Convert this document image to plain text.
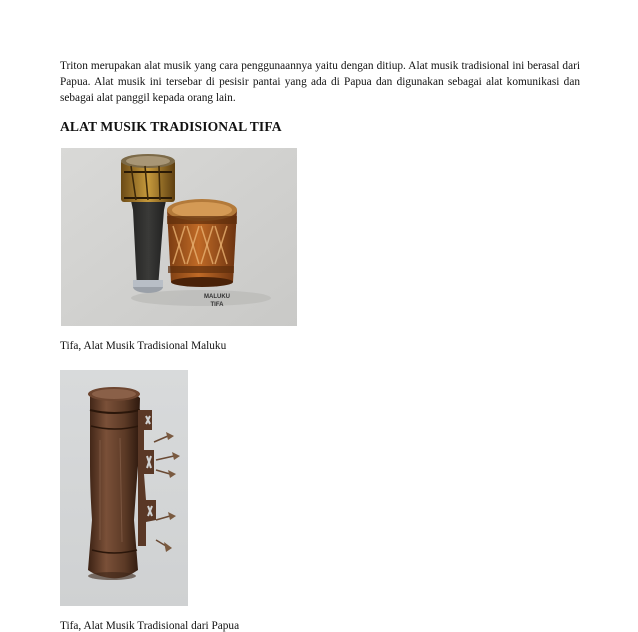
Triton merupakan alat musik yang cara penggunaannya yaitu dengan ditiup. Alat musik tradisional ini berasal dari Papua. Alat musik ini tersebar di pesisir pantai yang ada di Papua dan digunakan sebagai alat komunikasi dan sebagai alat panggil kepada orang lain.

ALAT MUSIK TRADISIONAL TIFA
MALUKU
TIFA

Tifa, Alat Musik Tradisional Maluku

Tifa, Alat Musik Tradisional dari Papua
